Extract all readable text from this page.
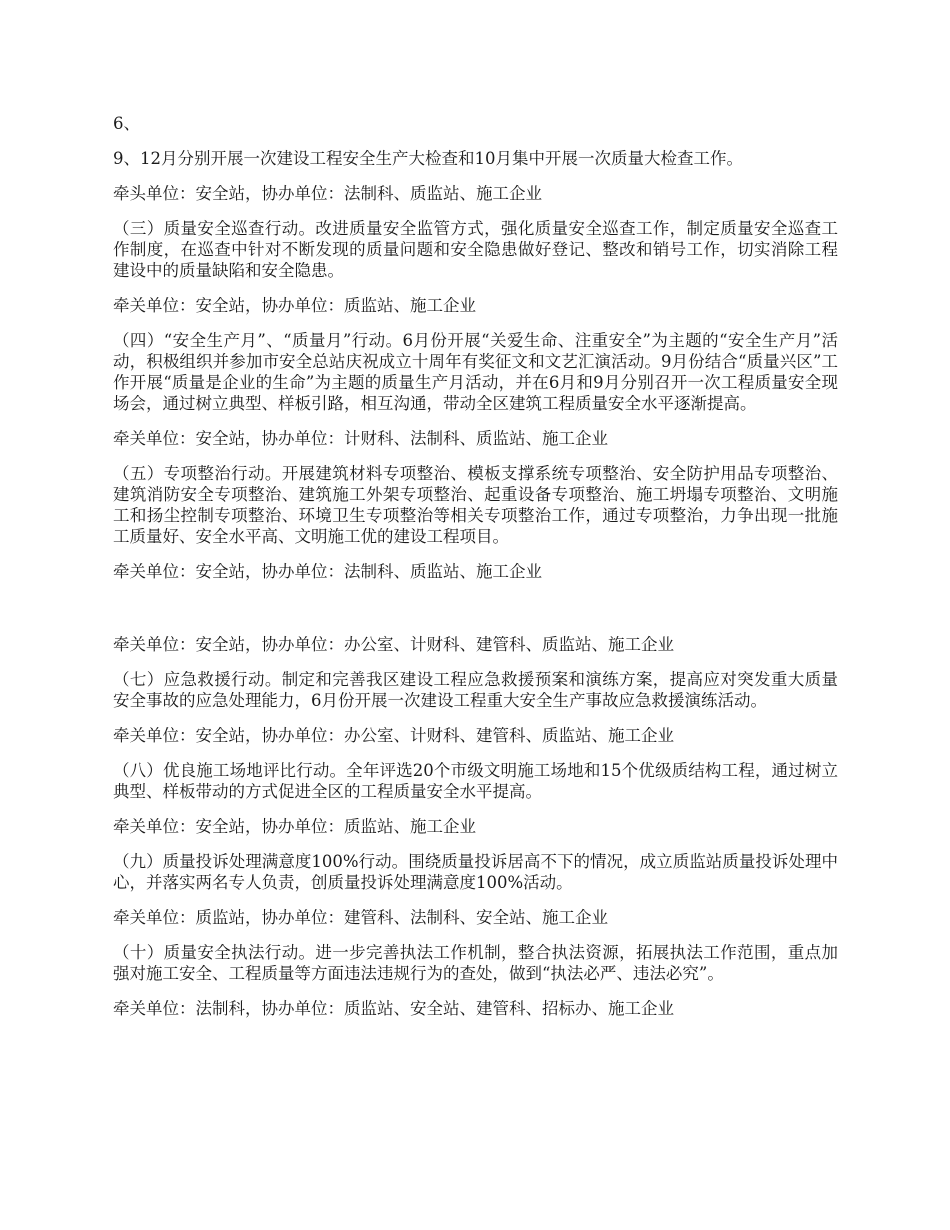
6、

9、12月分别开展一次建设工程安全生产大检查和10月集中开展一次质量大检查工作。

牵头单位：安全站，协办单位：法制科、质监站、施工企业

（三）质量安全巡查行动。改进质量安全监管方式，强化质量安全巡查工作，制定质量安全巡查工作制度，在巡查中针对不断发现的质量问题和安全隐患做好登记、整改和销号工作，切实消除工程建设中的质量缺陷和安全隐患。

牵关单位：安全站，协办单位：质监站、施工企业

（四）“安全生产月”、“质量月”行动。6月份开展“关爱生命、注重安全”为主题的“安全生产月”活动，积极组织并参加市安全总站庆祝成立十周年有奖征文和文艺汇演活动。9月份结合“质量兴区”工作开展“质量是企业的生命”为主题的质量生产月活动，并在6月和9月分别召开一次工程质量安全现场会，通过树立典型、样板引路，相互沟通，带动全区建筑工程质量安全水平逐渐提高。

牵关单位：安全站，协办单位：计财科、法制科、质监站、施工企业

（五）专项整治行动。开展建筑材料专项整治、模板支撑系统专项整治、安全防护用品专项整治、建筑消防安全专项整治、建筑施工外架专项整治、起重设备专项整治、施工坍塌专项整治、文明施工和扬尘控制专项整治、环境卫生专项整治等相关专项整治工作，通过专项整治，力争出现一批施工质量好、安全水平高、文明施工优的建设工程项目。

牵关单位：安全站，协办单位：法制科、质监站、施工企业

牵关单位：安全站，协办单位：办公室、计财科、建管科、质监站、施工企业

（七）应急救援行动。制定和完善我区建设工程应急救援预案和演练方案，提高应对突发重大质量安全事故的应急处理能力，6月份开展一次建设工程重大安全生产事故应急救援演练活动。

牵关单位：安全站，协办单位：办公室、计财科、建管科、质监站、施工企业

（八）优良施工场地评比行动。全年评选20个市级文明施工场地和15个优级质结构工程，通过树立典型、样板带动的方式促进全区的工程质量安全水平提高。

牵关单位：安全站，协办单位：质监站、施工企业

（九）质量投诉处理满意度100%行动。围绕质量投诉居高不下的情况，成立质监站质量投诉处理中心，并落实两名专人负责，创质量投诉处理满意度100%活动。

牵关单位：质监站，协办单位：建管科、法制科、安全站、施工企业

（十）质量安全执法行动。进一步完善执法工作机制，整合执法资源，拓展执法工作范围，重点加强对施工安全、工程质量等方面违法违规行为的查处，做到“执法必严、违法必究”。

牵关单位：法制科，协办单位：质监站、安全站、建管科、招标办、施工企业
